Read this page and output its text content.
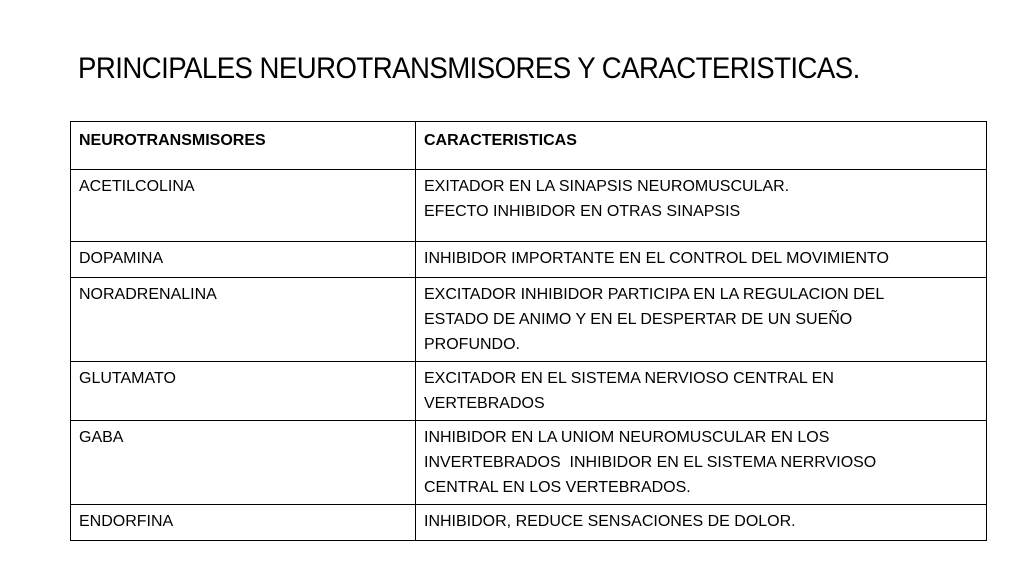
PRINCIPALES NEUROTRANSMISORES Y CARACTERISTICAS.
NEUROTRANSMISORES	CARACTERISTICAS
ACETILCOLINA	EXITADOR EN LA SINAPSIS NEUROMUSCULAR.
EFECTO INHIBIDOR EN OTRAS SINAPSIS

DOPAMINA	INHIBIDOR IMPORTANTE EN EL CONTROL DEL MOVIMIENTO

NORADRENALINA	EXCITADOR INHIBIDOR PARTICIPA EN LA REGULACION DEL
ESTADO DE ANIMO Y EN EL DESPERTAR DE UN SUEÑO
PROFUNDO.

GLUTAMATO	EXCITADOR EN EL SISTEMA NERVIOSO CENTRAL EN
VERTEBRADOS

GABA	INHIBIDOR EN LA UNIOM NEUROMUSCULAR EN LOS
INVERTEBRADOS  INHIBIDOR EN EL SISTEMA NERRVIOSO
CENTRAL EN LOS VERTEBRADOS.

ENDORFINA	INHIBIDOR, REDUCE SENSACIONES DE DOLOR.
